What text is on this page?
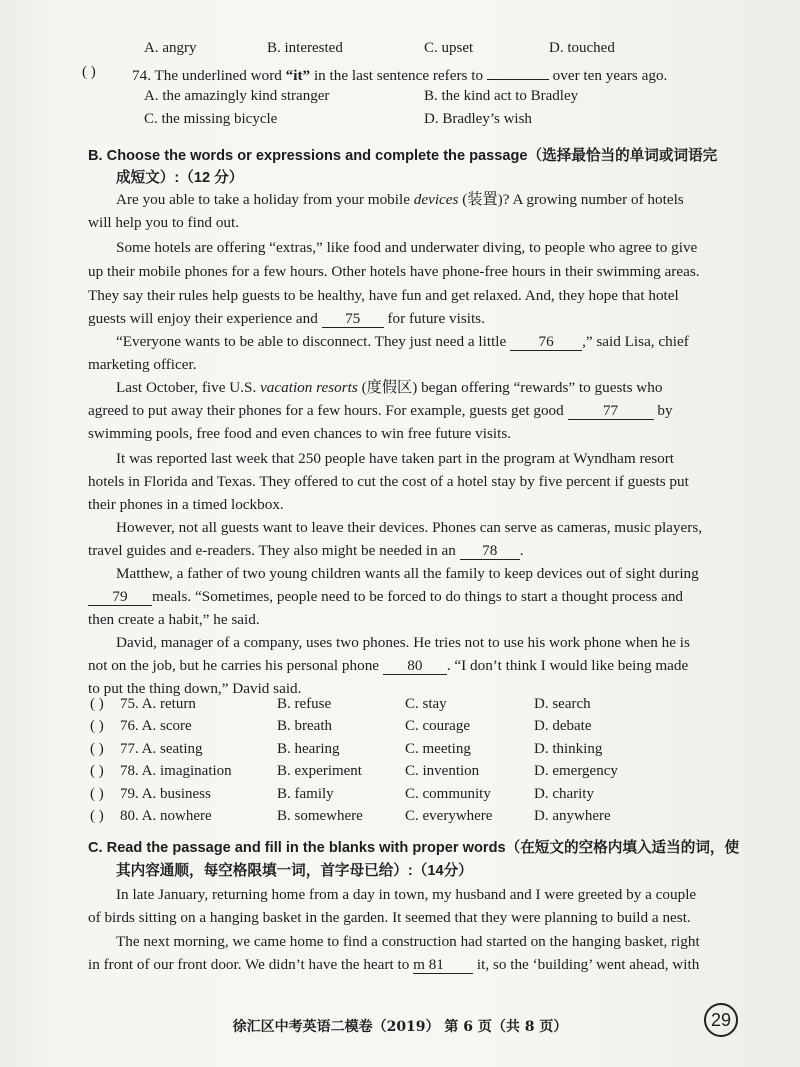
A. angry	B. interested	C. upset	D. touched
( ) 74. The underlined word “it” in the last sentence refers to	over ten years ago.
A. the amazingly kind stranger	B. the kind act to Bradley
C. the missing bicycle	D. Bradley’s wish
B. Choose the words or expressions and complete the passage（选择最恰当的单词或词语完
成短文）:（12 分）
Are you able to take a holiday from your mobile devices (装置)? A growing number of hotels
will help you to find out.
Some hotels are offering “extras,” like food and underwater diving, to people who agree to give
up their mobile phones for a few hours. Other hotels have phone-free hours in their swimming areas.
They say their rules help guests to be healthy, have fun and get relaxed. And, they hope that hotel
guests will enjoy their experience and 75 for future visits.
“Everyone wants to be able to disconnect. They just need a little 76 ,” said Lisa, chief
marketing officer.
Last October, five U.S. vacation resorts (度假区) began offering “rewards” to guests who
agreed to put away their phones for a few hours. For example, guests get good 77 by
swimming pools, free food and even chances to win free future visits.
It was reported last week that 250 people have taken part in the program at Wyndham resort
hotels in Florida and Texas. They offered to cut the cost of a hotel stay by five percent if guests put
their phones in a timed lockbox.
However, not all guests want to leave their devices. Phones can serve as cameras, music players,
travel guides and e-readers. They also might be needed in an 78 .
Matthew, a father of two young children wants all the family to keep devices out of sight during
79 meals. “Sometimes, people need to be forced to do things to start a thought process and
then create a habit,” he said.
David, manager of a company, uses two phones. He tries not to use his work phone when he is
not on the job, but he carries his personal phone 80 . “I don’t think I would like being made
to put the thing down,” David said.
( ) 75. A. return	B. refuse	C. stay	D. search
( ) 76. A. score	B. breath	C. courage	D. debate
( ) 77. A. seating	B. hearing	C. meeting	D. thinking
( ) 78. A. imagination	B. experiment	C. invention	D. emergency
( ) 79. A. business	B. family	C. community	D. charity
( ) 80. A. nowhere	B. somewhere	C. everywhere	D. anywhere
C. Read the passage and fill in the blanks with proper words（在短文的空格内填入适当的词，使
其内容通顺，每空格限填一词，首字母已给）:（14分）
In late January, returning home from a day in town, my husband and I were greeted by a couple
of birds sitting on a hanging basket in the garden. It seemed that they were planning to build a nest.
The next morning, we came home to find a construction had started on the hanging basket, right
in front of our front door. We didn’t have the heart to m 81 it, so the ‘building’ went ahead, with
徐汇区中考英语二模卷（2019） 第 6 页（共 8 页）	29
